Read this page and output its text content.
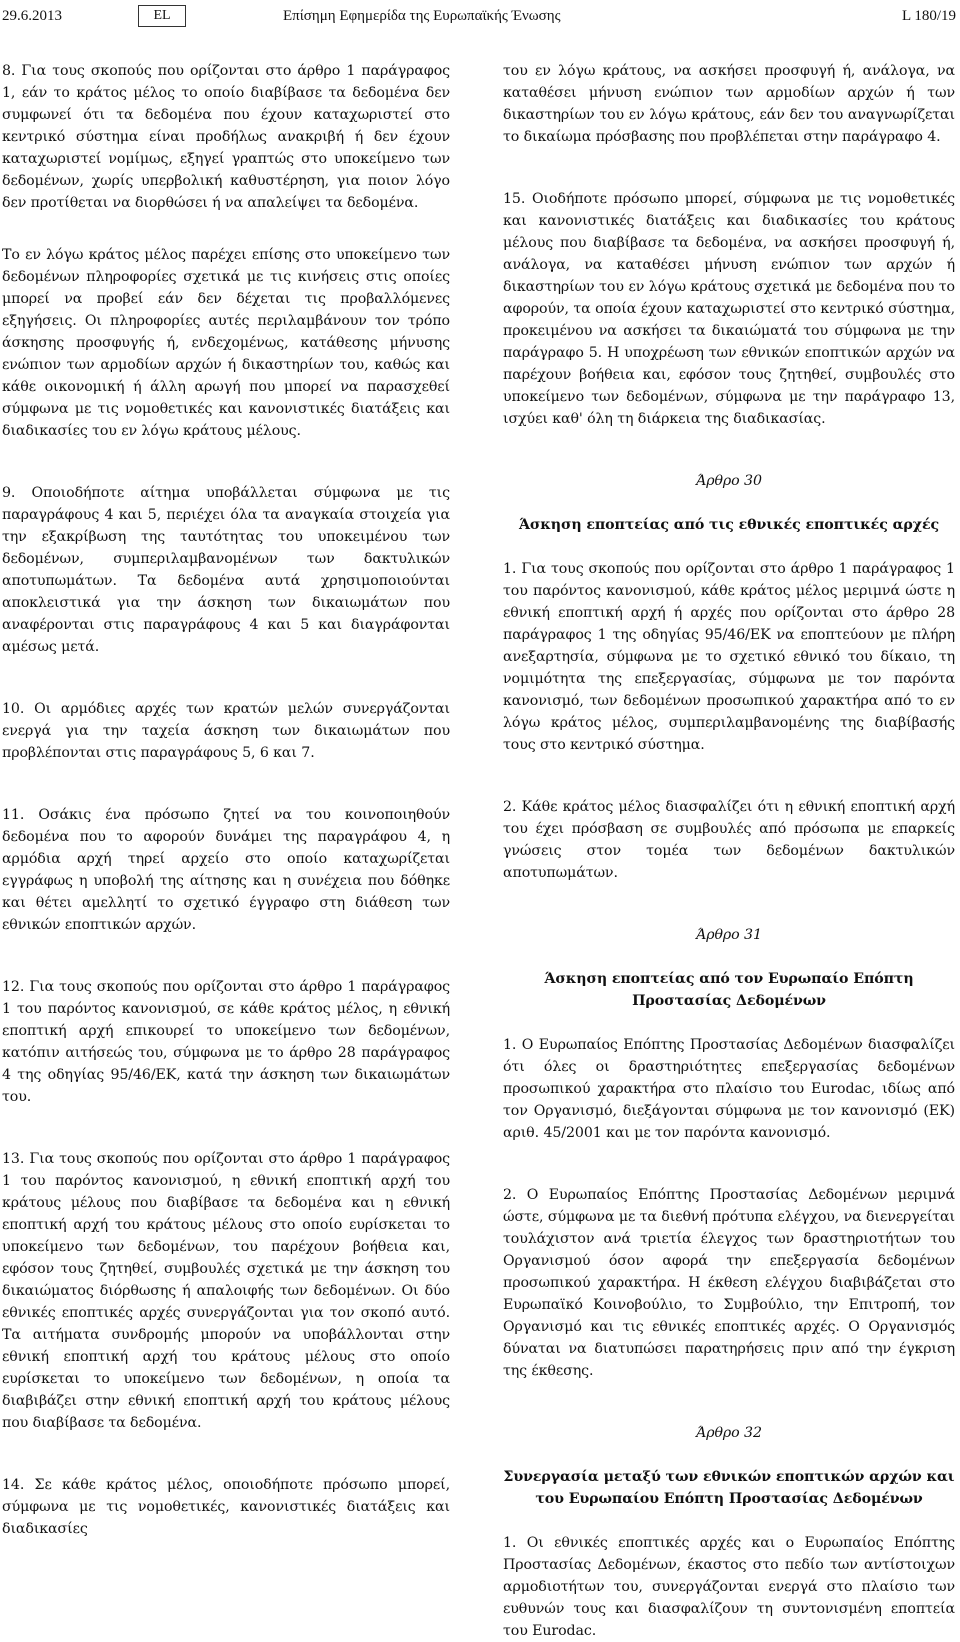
29.6.2013	EL	Επίσημη Εφημερίδα της Ευρωπαϊκής Ένωσης	L 180/19

8. Για τους σκοπούς που ορίζονται στο άρθρο 1 παράγραφος 1, εάν το κράτος μέλος το οποίο διαβίβασε τα δεδομένα δεν συμφωνεί ότι τα δεδομένα που έχουν καταχωριστεί στο κεντρικό σύστημα είναι προδήλως ανακριβή ή δεν έχουν καταχωριστεί νομίμως, εξηγεί γραπτώς στο υποκείμενο των δεδομένων, χωρίς υπερβολική καθυστέρηση, για ποιον λόγο δεν προτίθεται να διορθώσει ή να απαλείψει τα δεδομένα.

Το εν λόγω κράτος μέλος παρέχει επίσης στο υποκείμενο των δεδομένων πληροφορίες σχετικά με τις κινήσεις στις οποίες μπορεί να προβεί εάν δεν δέχεται τις προβαλλόμενες εξηγήσεις. Οι πληροφορίες αυτές περιλαμβάνουν τον τρόπο άσκησης προσφυγής ή, ενδεχομένως, κατάθεσης μήνυσης ενώπιον των αρμοδίων αρχών ή δικαστηρίων του, καθώς και κάθε οικονομική ή άλλη αρωγή που μπορεί να παρασχεθεί σύμφωνα με τις νομοθετικές και κανονιστικές διατάξεις και διαδικασίες του εν λόγω κράτους μέλους.

9. Οποιοδήποτε αίτημα υποβάλλεται σύμφωνα με τις παραγράφους 4 και 5, περιέχει όλα τα αναγκαία στοιχεία για την εξακρίβωση της ταυτότητας του υποκειμένου των δεδομένων, συμπεριλαμβανομένων των δακτυλικών αποτυπωμάτων. Τα δεδομένα αυτά χρησιμοποιούνται αποκλειστικά για την άσκηση των δικαιωμάτων που αναφέρονται στις παραγράφους 4 και 5 και διαγράφονται αμέσως μετά.

10. Οι αρμόδιες αρχές των κρατών μελών συνεργάζονται ενεργά για την ταχεία άσκηση των δικαιωμάτων που προβλέπονται στις παραγράφους 5, 6 και 7.

11. Οσάκις ένα πρόσωπο ζητεί να του κοινοποιηθούν δεδομένα που το αφορούν δυνάμει της παραγράφου 4, η αρμόδια αρχή τηρεί αρχείο στο οποίο καταχωρίζεται εγγράφως η υποβολή της αίτησης και η συνέχεια που δόθηκε και θέτει αμελλητί το σχετικό έγγραφο στη διάθεση των εθνικών εποπτικών αρχών.

12. Για τους σκοπούς που ορίζονται στο άρθρο 1 παράγραφος 1 του παρόντος κανονισμού, σε κάθε κράτος μέλος, η εθνική εποπτική αρχή επικουρεί το υποκείμενο των δεδομένων, κατόπιν αιτήσεώς του, σύμφωνα με το άρθρο 28 παράγραφος 4 της οδηγίας 95/46/ΕΚ, κατά την άσκηση των δικαιωμάτων του.

13. Για τους σκοπούς που ορίζονται στο άρθρο 1 παράγραφος 1 του παρόντος κανονισμού, η εθνική εποπτική αρχή του κράτους μέλους που διαβίβασε τα δεδομένα και η εθνική εποπτική αρχή του κράτους μέλους στο οποίο ευρίσκεται το υποκείμενο των δεδομένων, του παρέχουν βοήθεια και, εφόσον τους ζητηθεί, συμβουλές σχετικά με την άσκηση του δικαιώματος διόρθωσης ή απαλοιφής των δεδομένων. Οι δύο εθνικές εποπτικές αρχές συνεργάζονται για τον σκοπό αυτό. Τα αιτήματα συνδρομής μπορούν να υποβάλλονται στην εθνική εποπτική αρχή του κράτους μέλους στο οποίο ευρίσκεται το υποκείμενο των δεδομένων, η οποία τα διαβιβάζει στην εθνική εποπτική αρχή του κράτους μέλους που διαβίβασε τα δεδομένα.

14. Σε κάθε κράτος μέλος, οποιοδήποτε πρόσωπο μπορεί, σύμφωνα με τις νομοθετικές, κανονιστικές διατάξεις και διαδικασίες

του εν λόγω κράτους, να ασκήσει προσφυγή ή, ανάλογα, να καταθέσει μήνυση ενώπιον των αρμοδίων αρχών ή των δικαστηρίων του εν λόγω κράτους, εάν δεν του αναγνωρίζεται το δικαίωμα πρόσβασης που προβλέπεται στην παράγραφο 4.

15. Οιοδήποτε πρόσωπο μπορεί, σύμφωνα με τις νομοθετικές και κανονιστικές διατάξεις και διαδικασίες του κράτους μέλους που διαβίβασε τα δεδομένα, να ασκήσει προσφυγή ή, ανάλογα, να καταθέσει μήνυση ενώπιον των αρχών ή δικαστηρίων του εν λόγω κράτους σχετικά με δεδομένα που το αφορούν, τα οποία έχουν καταχωριστεί στο κεντρικό σύστημα, προκειμένου να ασκήσει τα δικαιώματά του σύμφωνα με την παράγραφο 5. Η υποχρέωση των εθνικών εποπτικών αρχών να παρέχουν βοήθεια και, εφόσον τους ζητηθεί, συμβουλές στο υποκείμενο των δεδομένων, σύμφωνα με την παράγραφο 13, ισχύει καθ' όλη τη διάρκεια της διαδικασίας.

Άρθρο 30

Άσκηση εποπτείας από τις εθνικές εποπτικές αρχές

1. Για τους σκοπούς που ορίζονται στο άρθρο 1 παράγραφος 1 του παρόντος κανονισμού, κάθε κράτος μέλος μεριμνά ώστε η εθνική εποπτική αρχή ή αρχές που ορίζονται στο άρθρο 28 παράγραφος 1 της οδηγίας 95/46/ΕΚ να εποπτεύουν με πλήρη ανεξαρτησία, σύμφωνα με το σχετικό εθνικό του δίκαιο, τη νομιμότητα της επεξεργασίας, σύμφωνα με τον παρόντα κανονισμό, των δεδομένων προσωπικού χαρακτήρα από το εν λόγω κράτος μέλος, συμπεριλαμβανομένης της διαβίβασής τους στο κεντρικό σύστημα.

2. Κάθε κράτος μέλος διασφαλίζει ότι η εθνική εποπτική αρχή του έχει πρόσβαση σε συμβουλές από πρόσωπα με επαρκείς γνώσεις στον τομέα των δεδομένων δακτυλικών αποτυπωμάτων.

Άρθρο 31

Άσκηση εποπτείας από τον Ευρωπαίο Επόπτη Προστασίας Δεδομένων

1. Ο Ευρωπαίος Επόπτης Προστασίας Δεδομένων διασφαλίζει ότι όλες οι δραστηριότητες επεξεργασίας δεδομένων προσωπικού χαρακτήρα στο πλαίσιο του Eurodac, ιδίως από τον Οργανισμό, διεξάγονται σύμφωνα με τον κανονισμό (ΕΚ) αριθ. 45/2001 και με τον παρόντα κανονισμό.

2. Ο Ευρωπαίος Επόπτης Προστασίας Δεδομένων μεριμνά ώστε, σύμφωνα με τα διεθνή πρότυπα ελέγχου, να διενεργείται τουλάχιστον ανά τριετία έλεγχος των δραστηριοτήτων του Οργανισμού όσον αφορά την επεξεργασία δεδομένων προσωπικού χαρακτήρα. Η έκθεση ελέγχου διαβιβάζεται στο Ευρωπαϊκό Κοινοβούλιο, το Συμβούλιο, την Επιτροπή, τον Οργανισμό και τις εθνικές εποπτικές αρχές. Ο Οργανισμός δύναται να διατυπώσει παρατηρήσεις πριν από την έγκριση της έκθεσης.

Άρθρο 32

Συνεργασία μεταξύ των εθνικών εποπτικών αρχών και του Ευρωπαίου Επόπτη Προστασίας Δεδομένων

1. Οι εθνικές εποπτικές αρχές και ο Ευρωπαίος Επόπτης Προστασίας Δεδομένων, έκαστος στο πεδίο των αντίστοιχων αρμοδιοτήτων του, συνεργάζονται ενεργά στο πλαίσιο των ευθυνών τους και διασφαλίζουν τη συντονισμένη εποπτεία του Eurodac.
